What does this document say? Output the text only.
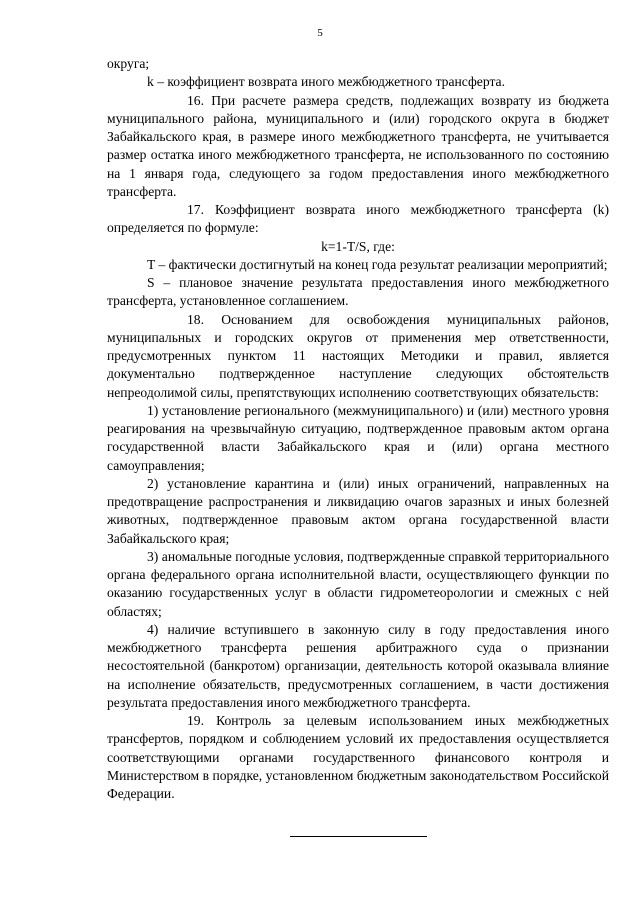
5

округа;

k – коэффициент возврата иного межбюджетного трансферта.

16. При расчете размера средств, подлежащих возврату из бюджета муниципального района, муниципального и (или) городского округа в бюджет Забайкальского края, в размере иного межбюджетного трансферта, не учитывается размер остатка иного межбюджетного трансферта, не использованного по состоянию на 1 января года, следующего за годом предоставления иного межбюджетного трансферта.

17. Коэффициент возврата иного межбюджетного трансферта (k) определяется по формуле:

k=1-T/S, где:

T – фактически достигнутый на конец года результат реализации мероприятий;

S – плановое значение результата предоставления иного межбюджетного трансферта, установленное соглашением.

18. Основанием для освобождения муниципальных районов, муниципальных и городских округов от применения мер ответственности, предусмотренных пунктом 11 настоящих Методики и правил, является документально подтвержденное наступление следующих обстоятельств непреодолимой силы, препятствующих исполнению соответствующих обязательств:

1) установление регионального (межмуниципального) и (или) местного уровня реагирования на чрезвычайную ситуацию, подтвержденное правовым актом органа государственной власти Забайкальского края и (или) органа местного самоуправления;

2) установление карантина и (или) иных ограничений, направленных на предотвращение распространения и ликвидацию очагов заразных и иных болезней животных, подтвержденное правовым актом органа государственной власти Забайкальского края;

3) аномальные погодные условия, подтвержденные справкой территориального органа федерального органа исполнительной власти, осуществляющего функции по оказанию государственных услуг в области гидрометеорологии и смежных с ней областях;

4) наличие вступившего в законную силу в году предоставления иного межбюджетного трансферта решения арбитражного суда о признании несостоятельной (банкротом) организации, деятельность которой оказывала влияние на исполнение обязательств, предусмотренных соглашением, в части достижения результата предоставления иного межбюджетного трансферта.

19. Контроль за целевым использованием иных межбюджетных трансфертов, порядком и соблюдением условий их предоставления осуществляется соответствующими органами государственного финансового контроля и Министерством в порядке, установленном бюджетным законодательством Российской Федерации.
